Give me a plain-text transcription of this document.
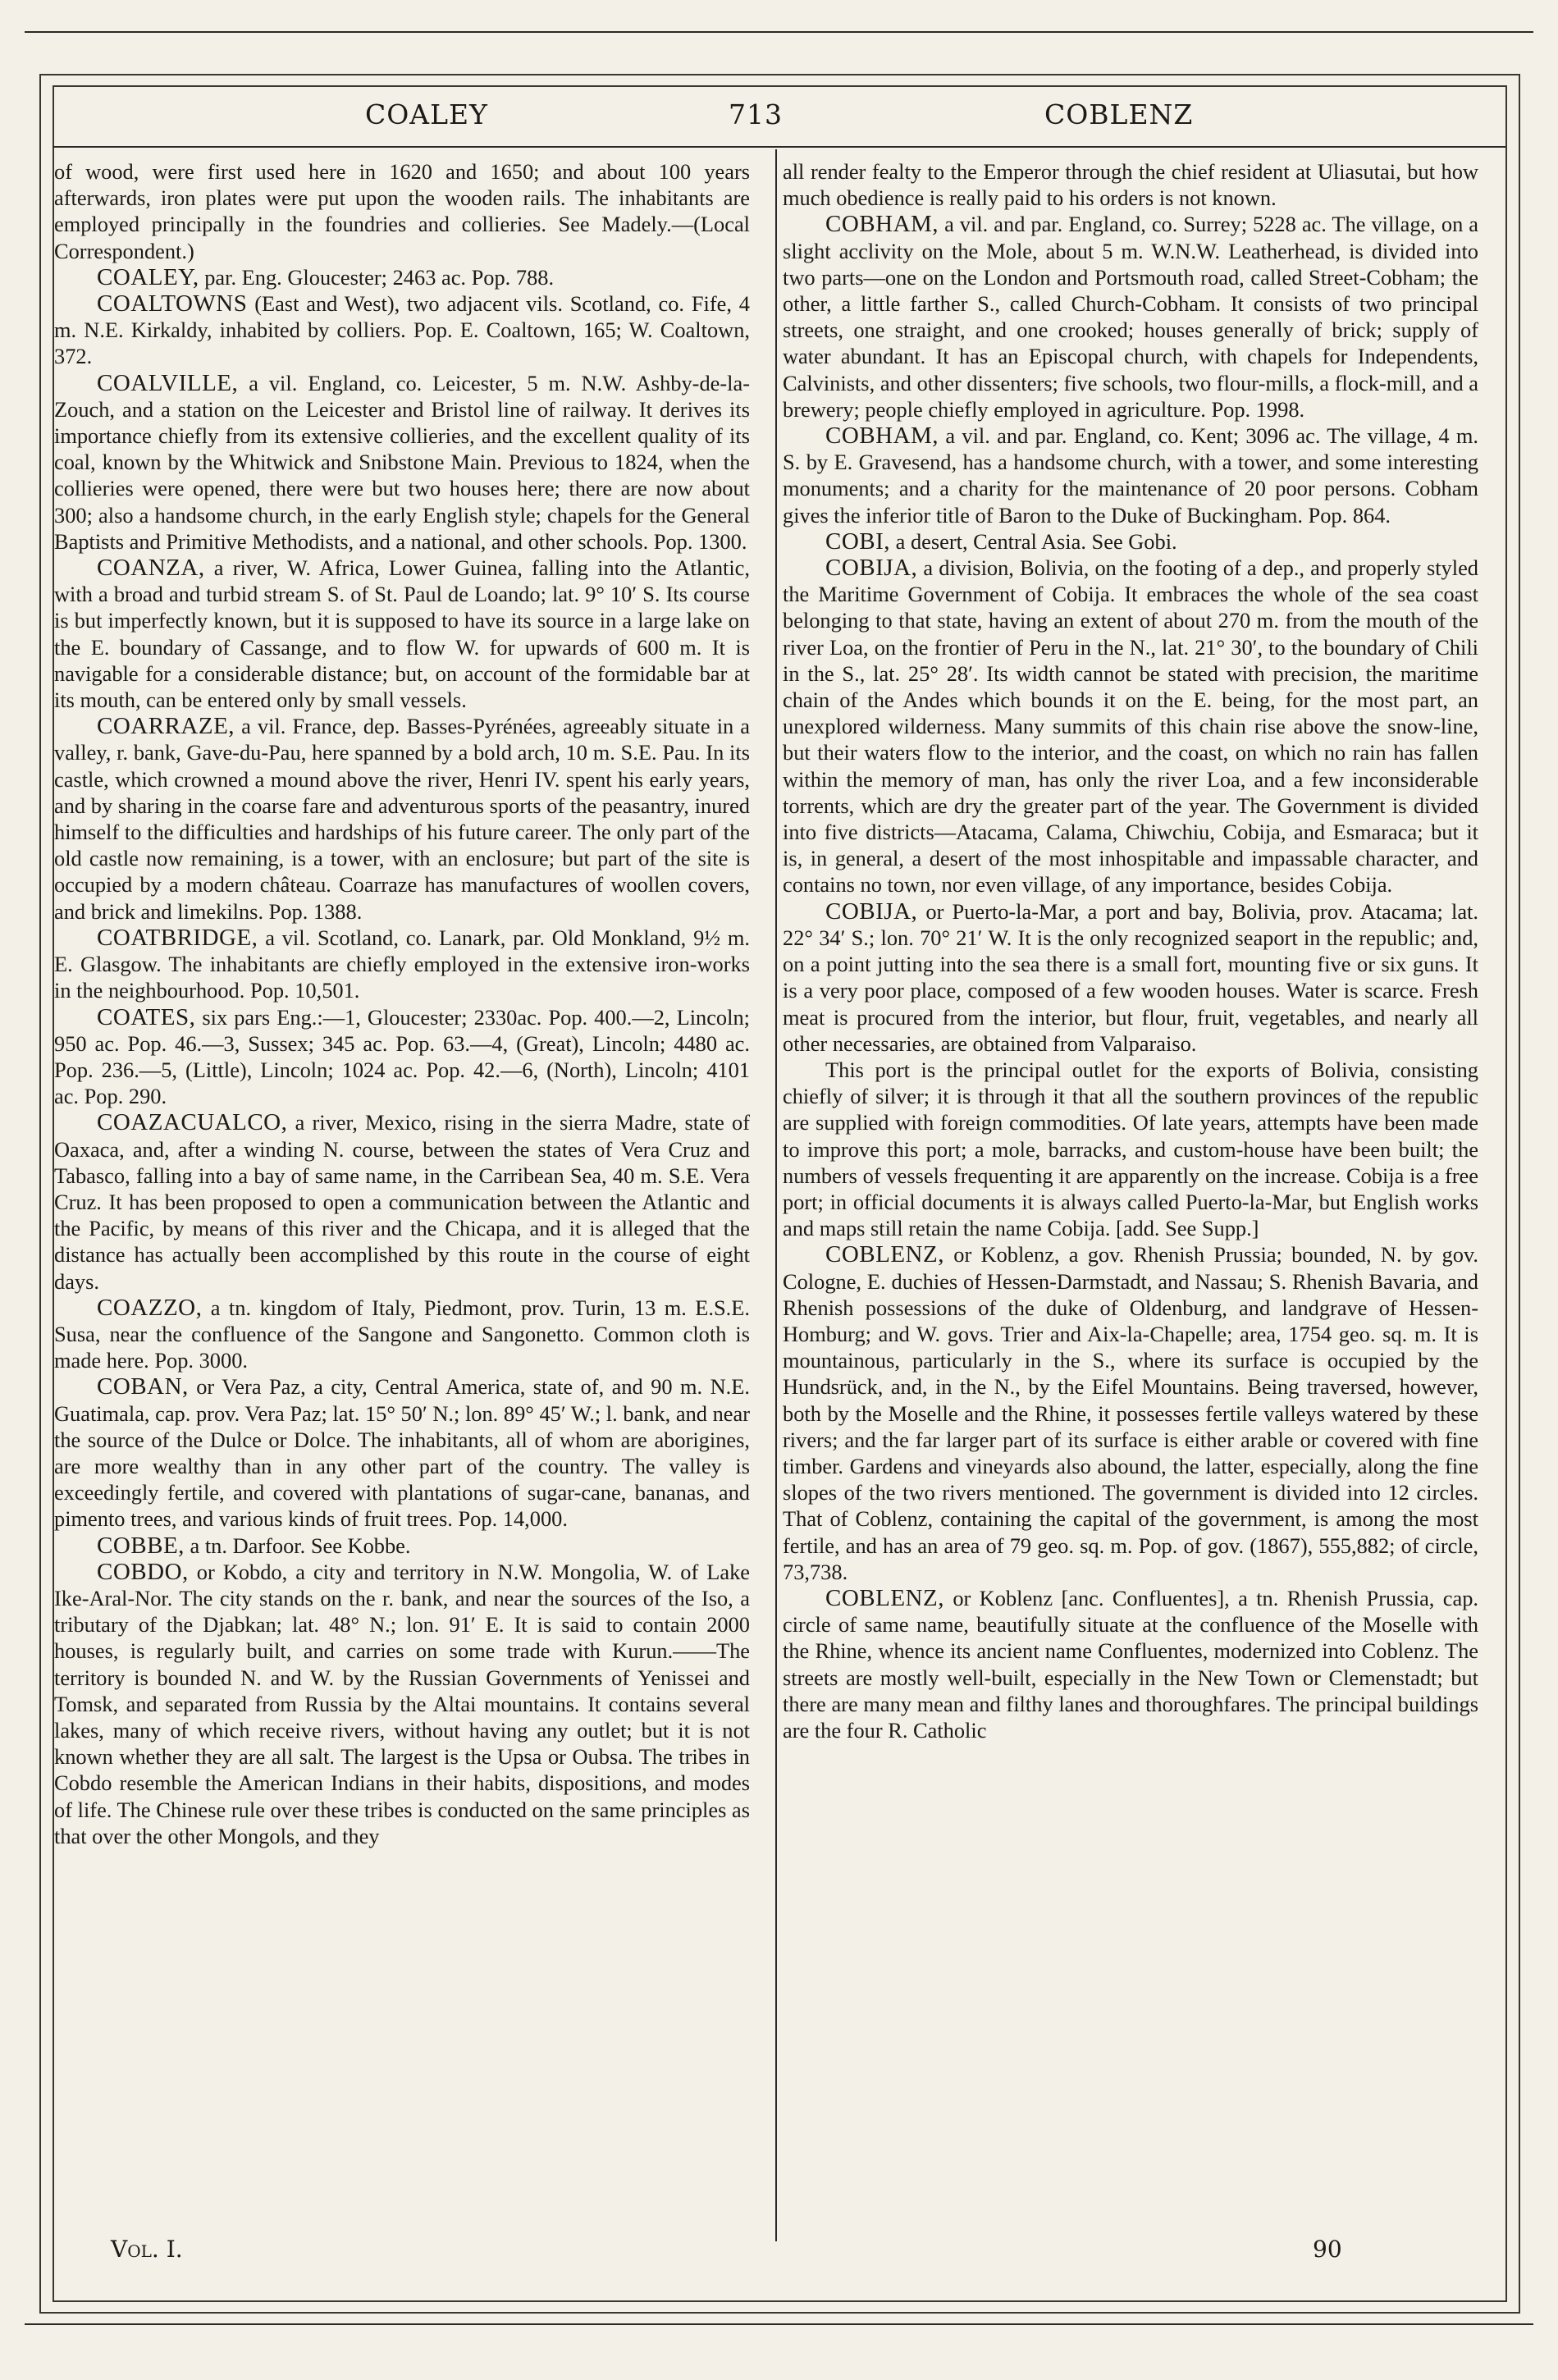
COALEY	713	COBLENZ

of wood, were first used here in 1620 and 1650; and about 100 years afterwards, iron plates were put upon the wooden rails. The inhabitants are employed principally in the foundries and collieries. See Madely.—(Local Correspondent.)

COALEY, par. Eng. Gloucester; 2463 ac. Pop. 788.

COALTOWNS (East and West), two adjacent vils. Scotland, co. Fife, 4 m. N.E. Kirkaldy, inhabited by colliers. Pop. E. Coaltown, 165; W. Coaltown, 372.

COALVILLE, a vil. England, co. Leicester, 5 m. N.W. Ashby-de-la-Zouch, and a station on the Leicester and Bristol line of railway. It derives its importance chiefly from its extensive collieries, and the excellent quality of its coal, known by the Whitwick and Snibstone Main. Previous to 1824, when the collieries were opened, there were but two houses here; there are now about 300; also a handsome church, in the early English style; chapels for the General Baptists and Primitive Methodists, and a national, and other schools. Pop. 1300.

COANZA, a river, W. Africa, Lower Guinea, falling into the Atlantic, with a broad and turbid stream S. of St. Paul de Loando; lat. 9° 10′ S. Its course is but imperfectly known, but it is supposed to have its source in a large lake on the E. boundary of Cassange, and to flow W. for upwards of 600 m. It is navigable for a considerable distance; but, on account of the formidable bar at its mouth, can be entered only by small vessels.

COARRAZE, a vil. France, dep. Basses-Pyrénées, agreeably situate in a valley, r. bank, Gave-du-Pau, here spanned by a bold arch, 10 m. S.E. Pau. In its castle, which crowned a mound above the river, Henri IV. spent his early years, and by sharing in the coarse fare and adventurous sports of the peasantry, inured himself to the difficulties and hardships of his future career. The only part of the old castle now remaining, is a tower, with an enclosure; but part of the site is occupied by a modern château. Coarraze has manufactures of woollen covers, and brick and limekilns. Pop. 1388.

COATBRIDGE, a vil. Scotland, co. Lanark, par. Old Monkland, 9½ m. E. Glasgow. The inhabitants are chiefly employed in the extensive iron-works in the neighbourhood. Pop. 10,501.

COATES, six pars Eng.:—1, Gloucester; 2330ac. Pop. 400.—2, Lincoln; 950 ac. Pop. 46.—3, Sussex; 345 ac. Pop. 63.—4, (Great), Lincoln; 4480 ac. Pop. 236.—5, (Little), Lincoln; 1024 ac. Pop. 42.—6, (North), Lincoln; 4101 ac. Pop. 290.

COAZACUALCO, a river, Mexico, rising in the sierra Madre, state of Oaxaca, and, after a winding N. course, between the states of Vera Cruz and Tabasco, falling into a bay of same name, in the Carribean Sea, 40 m. S.E. Vera Cruz. It has been proposed to open a communication between the Atlantic and the Pacific, by means of this river and the Chicapa, and it is alleged that the distance has actually been accomplished by this route in the course of eight days.

COAZZO, a tn. kingdom of Italy, Piedmont, prov. Turin, 13 m. E.S.E. Susa, near the confluence of the Sangone and Sangonetto. Common cloth is made here. Pop. 3000.

COBAN, or Vera Paz, a city, Central America, state of, and 90 m. N.E. Guatimala, cap. prov. Vera Paz; lat. 15° 50′ N.; lon. 89° 45′ W.; l. bank, and near the source of the Dulce or Dolce. The inhabitants, all of whom are aborigines, are more wealthy than in any other part of the country. The valley is exceedingly fertile, and covered with plantations of sugar-cane, bananas, and pimento trees, and various kinds of fruit trees. Pop. 14,000.

COBBE, a tn. Darfoor. See Kobbe.

COBDO, or Kobdo, a city and territory in N.W. Mongolia, W. of Lake Ike-Aral-Nor. The city stands on the r. bank, and near the sources of the Iso, a tributary of the Djabkan; lat. 48° N.; lon. 91′ E. It is said to contain 2000 houses, is regularly built, and carries on some trade with Kurun.——The territory is bounded N. and W. by the Russian Governments of Yenissei and Tomsk, and separated from Russia by the Altai mountains. It contains several lakes, many of which receive rivers, without having any outlet; but it is not known whether they are all salt. The largest is the Upsa or Oubsa. The tribes in Cobdo resemble the American Indians in their habits, dispositions, and modes of life. The Chinese rule over these tribes is conducted on the same principles as that over the other Mongols, and they

all render fealty to the Emperor through the chief resident at Uliasutai, but how much obedience is really paid to his orders is not known.

COBHAM, a vil. and par. England, co. Surrey; 5228 ac. The village, on a slight acclivity on the Mole, about 5 m. W.N.W. Leatherhead, is divided into two parts—one on the London and Portsmouth road, called Street-Cobham; the other, a little farther S., called Church-Cobham. It consists of two principal streets, one straight, and one crooked; houses generally of brick; supply of water abundant. It has an Episcopal church, with chapels for Independents, Calvinists, and other dissenters; five schools, two flour-mills, a flock-mill, and a brewery; people chiefly employed in agriculture. Pop. 1998.

COBHAM, a vil. and par. England, co. Kent; 3096 ac. The village, 4 m. S. by E. Gravesend, has a handsome church, with a tower, and some interesting monuments; and a charity for the maintenance of 20 poor persons. Cobham gives the inferior title of Baron to the Duke of Buckingham. Pop. 864.

COBI, a desert, Central Asia. See Gobi.

COBIJA, a division, Bolivia, on the footing of a dep., and properly styled the Maritime Government of Cobija. It embraces the whole of the sea coast belonging to that state, having an extent of about 270 m. from the mouth of the river Loa, on the frontier of Peru in the N., lat. 21° 30′, to the boundary of Chili in the S., lat. 25° 28′. Its width cannot be stated with precision, the maritime chain of the Andes which bounds it on the E. being, for the most part, an unexplored wilderness. Many summits of this chain rise above the snow-line, but their waters flow to the interior, and the coast, on which no rain has fallen within the memory of man, has only the river Loa, and a few inconsiderable torrents, which are dry the greater part of the year. The Government is divided into five districts—Atacama, Calama, Chiwchiu, Cobija, and Esmaraca; but it is, in general, a desert of the most inhospitable and impassable character, and contains no town, nor even village, of any importance, besides Cobija.

COBIJA, or Puerto-la-Mar, a port and bay, Bolivia, prov. Atacama; lat. 22° 34′ S.; lon. 70° 21′ W. It is the only recognized seaport in the republic; and, on a point jutting into the sea there is a small fort, mounting five or six guns. It is a very poor place, composed of a few wooden houses. Water is scarce. Fresh meat is procured from the interior, but flour, fruit, vegetables, and nearly all other necessaries, are obtained from Valparaiso.

This port is the principal outlet for the exports of Bolivia, consisting chiefly of silver; it is through it that all the southern provinces of the republic are supplied with foreign commodities. Of late years, attempts have been made to improve this port; a mole, barracks, and custom-house have been built; the numbers of vessels frequenting it are apparently on the increase. Cobija is a free port; in official documents it is always called Puerto-la-Mar, but English works and maps still retain the name Cobija. [add. See Supp.]

COBLENZ, or Koblenz, a gov. Rhenish Prussia; bounded, N. by gov. Cologne, E. duchies of Hessen-Darmstadt, and Nassau; S. Rhenish Bavaria, and Rhenish possessions of the duke of Oldenburg, and landgrave of Hessen-Homburg; and W. govs. Trier and Aix-la-Chapelle; area, 1754 geo. sq. m. It is mountainous, particularly in the S., where its surface is occupied by the Hundsrück, and, in the N., by the Eifel Mountains. Being traversed, however, both by the Moselle and the Rhine, it possesses fertile valleys watered by these rivers; and the far larger part of its surface is either arable or covered with fine timber. Gardens and vineyards also abound, the latter, especially, along the fine slopes of the two rivers mentioned. The government is divided into 12 circles. That of Coblenz, containing the capital of the government, is among the most fertile, and has an area of 79 geo. sq. m. Pop. of gov. (1867), 555,882; of circle, 73,738.

COBLENZ, or Koblenz [anc. Confluentes], a tn. Rhenish Prussia, cap. circle of same name, beautifully situate at the confluence of the Moselle with the Rhine, whence its ancient name Confluentes, modernized into Coblenz. The streets are mostly well-built, especially in the New Town or Clemenstadt; but there are many mean and filthy lanes and thoroughfares. The principal buildings are the four R. Catholic

Vol. I.	90
